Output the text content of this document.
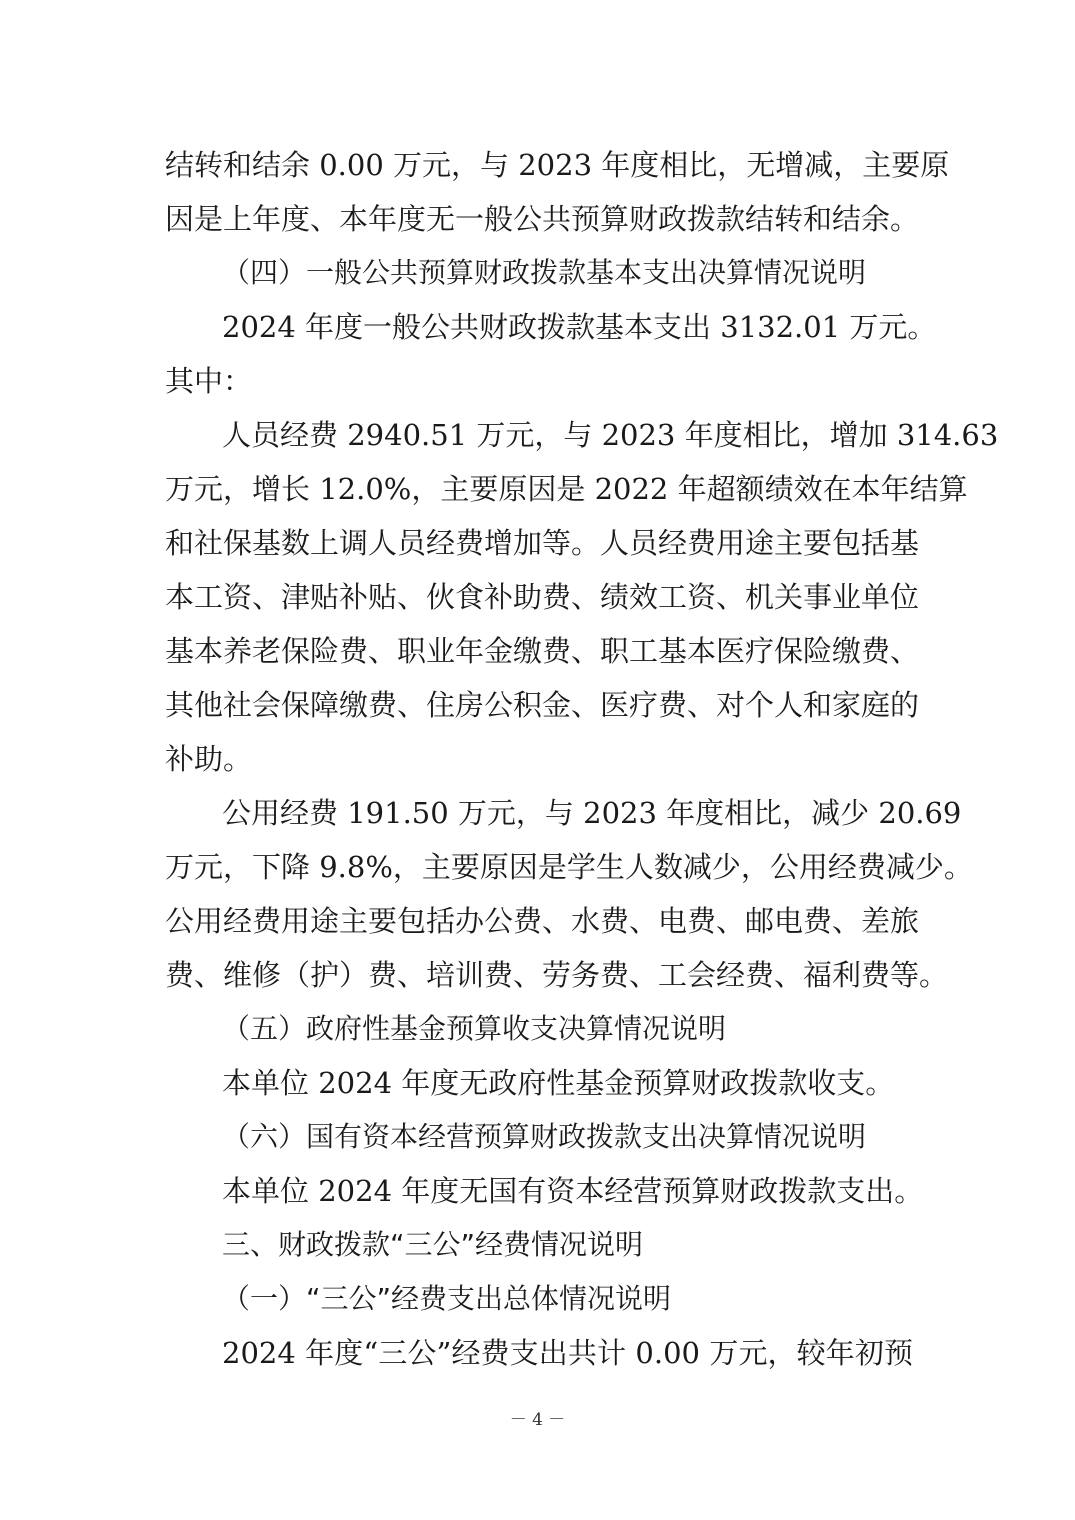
结转和结余 0.00 万元，与 2023 年度相比，无增减，主要原
因是上年度、本年度无一般公共预算财政拨款结转和结余。
（四）一般公共预算财政拨款基本支出决算情况说明
2024 年度一般公共财政拨款基本支出 3132.01 万元。
其中：
人员经费 2940.51 万元，与 2023 年度相比，增加 314.63
万元，增长 12.0%，主要原因是 2022 年超额绩效在本年结算
和社保基数上调人员经费增加等。人员经费用途主要包括基
本工资、津贴补贴、伙食补助费、绩效工资、机关事业单位
基本养老保险费、职业年金缴费、职工基本医疗保险缴费、
其他社会保障缴费、住房公积金、医疗费、对个人和家庭的
补助。
公用经费 191.50 万元，与 2023 年度相比，减少 20.69
万元，下降 9.8%，主要原因是学生人数减少，公用经费减少。
公用经费用途主要包括办公费、水费、电费、邮电费、差旅
费、维修（护）费、培训费、劳务费、工会经费、福利费等。
（五）政府性基金预算收支决算情况说明
本单位 2024 年度无政府性基金预算财政拨款收支。
（六）国有资本经营预算财政拨款支出决算情况说明
本单位 2024 年度无国有资本经营预算财政拨款支出。
三、财政拨款“三公”经费情况说明
（一）“三公”经费支出总体情况说明
2024 年度“三公”经费支出共计 0.00 万元，较年初预
－ 4 －
